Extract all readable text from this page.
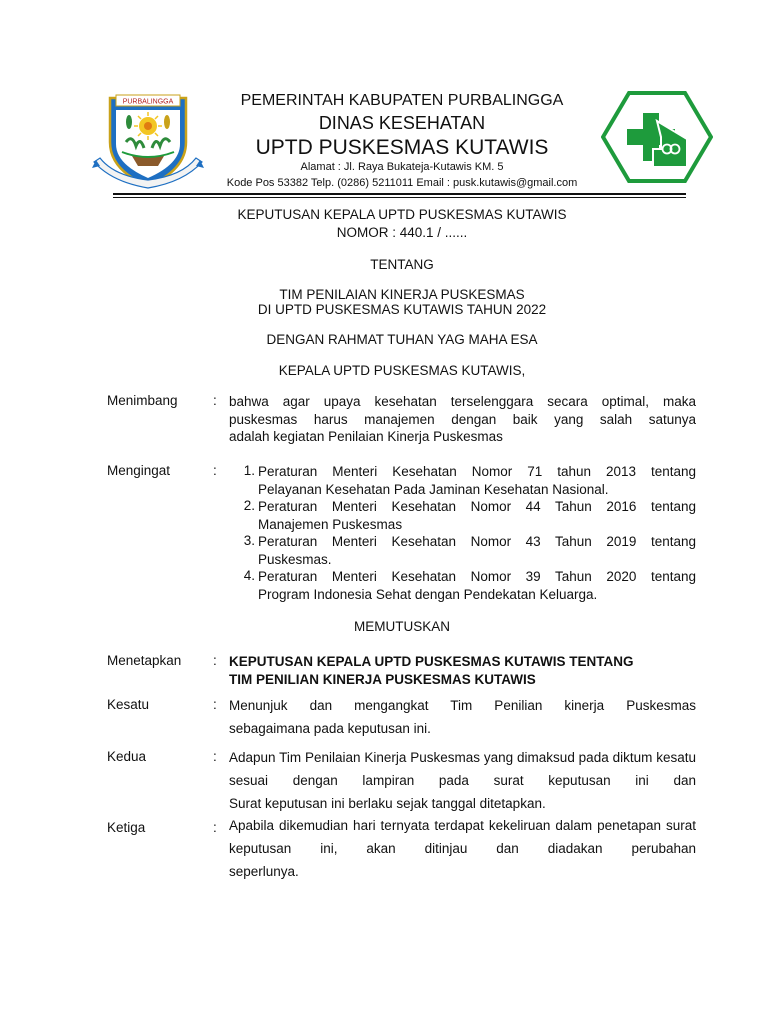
PURBALINGGA	PEMERINTAH KABUPATEN PURBALINGGA
DINAS KESEHATAN
UPTD PUSKESMAS KUTAWIS
Alamat : Jl. Raya Bukateja-Kutawis KM. 5
Kode Pos 53382 Telp. (0286) 5211011 Email : pusk.kutawis@gmail.com
KEPUTUSAN KEPALA UPTD PUSKESMAS KUTAWIS
NOMOR : 440.1 / ......
TENTANG
TIM PENILAIAN KINERJA PUSKESMAS
DI UPTD PUSKESMAS KUTAWIS TAHUN 2022
DENGAN RAHMAT TUHAN YAG MAHA ESA
KEPALA UPTD PUSKESMAS KUTAWIS,
Menimbang	: bahwa agar upaya kesehatan terselenggara secara optimal, maka puskesmas harus manajemen dengan baik yang salah satunya
adalah kegiatan Penilaian Kinerja Puskesmas
Mengingat	:	1. Peraturan Menteri Kesehatan Nomor 71 tahun 2013 tentang
Pelayanan Kesehatan Pada Jaminan Kesehatan Nasional.
2. Peraturan Menteri Kesehatan Nomor 44 Tahun 2016 tentang
Manajemen Puskesmas
3. Peraturan Menteri Kesehatan Nomor 43 Tahun 2019 tentang
Puskesmas.
4. Peraturan Menteri Kesehatan Nomor 39 Tahun 2020 tentang
Program Indonesia Sehat dengan Pendekatan Keluarga.
MEMUTUSKAN
Menetapkan : KEPUTUSAN KEPALA UPTD PUSKESMAS KUTAWIS TENTANG
TIM PENILIAN KINERJA PUSKESMAS KUTAWIS
Kesatu	: Menunjuk dan mengangkat Tim Penilian kinerja Puskesmas
sebagaimana pada keputusan ini.
Kedua	: Adapun Tim Penilaian Kinerja Puskesmas yang dimaksud pada diktum kesatu sesuai dengan lampiran pada surat keputusan ini dan
Surat keputusan ini berlaku sejak tanggal ditetapkan.
Ketiga	: Apabila dikemudian hari ternyata terdapat kekeliruan dalam penetapan surat keputusan ini, akan ditinjau dan diadakan perubahan
seperlunya.
